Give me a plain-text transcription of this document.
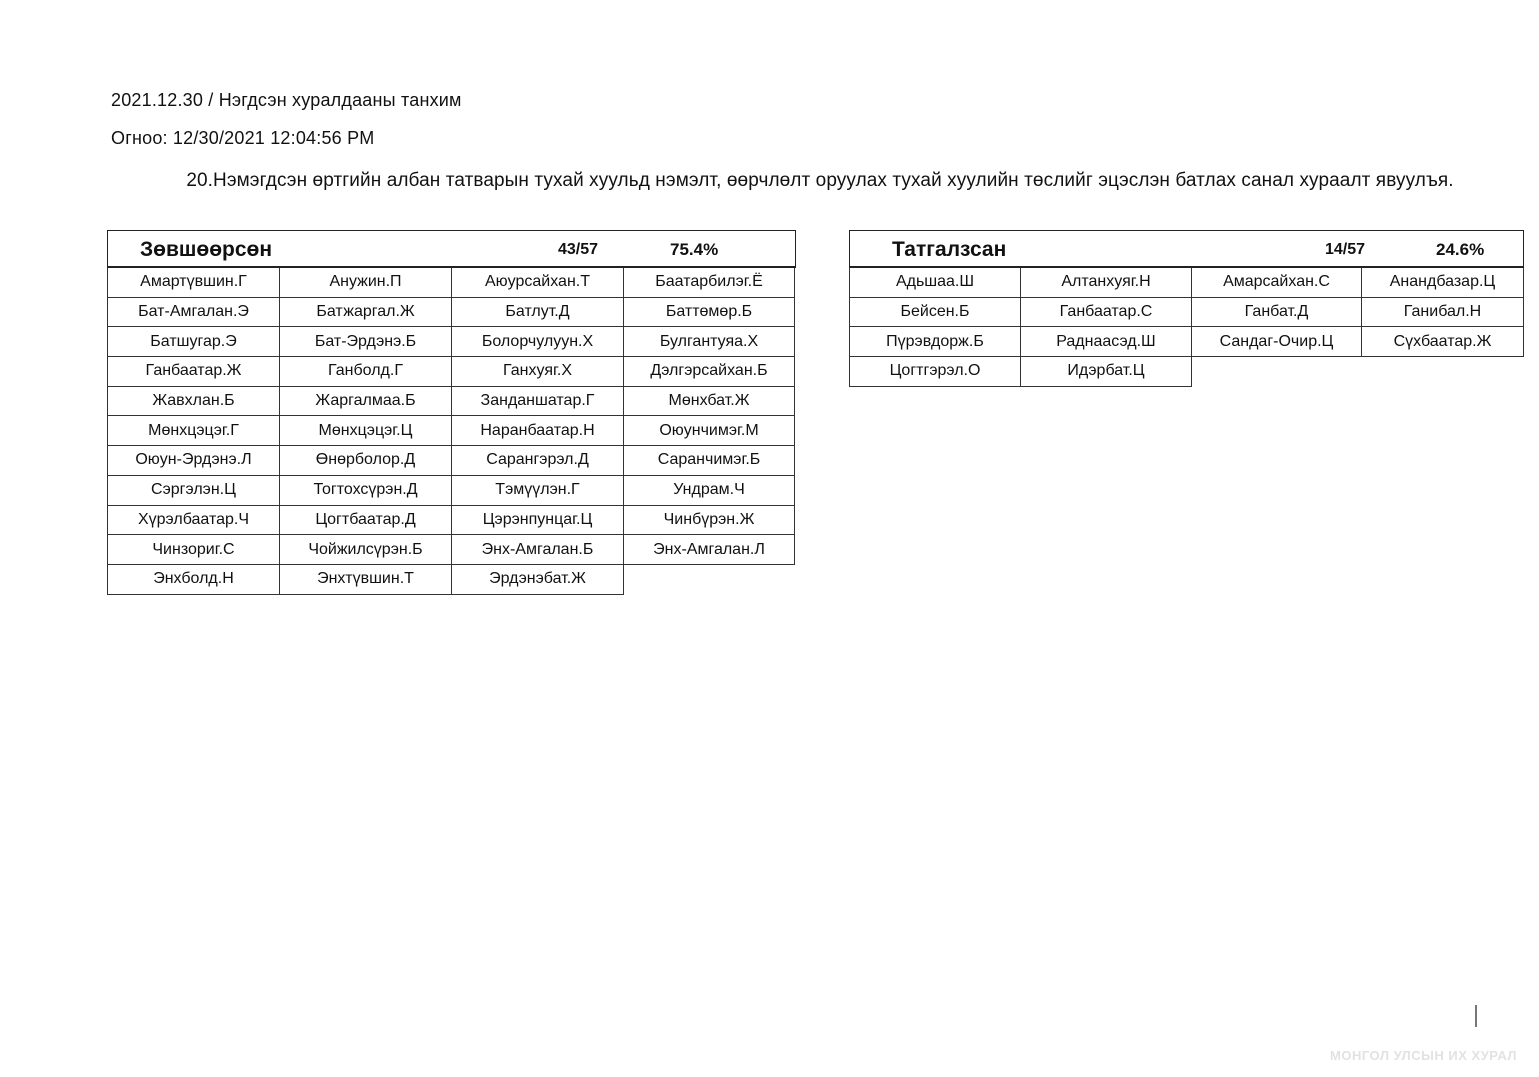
2021.12.30 / Нэгдсэн хуралдааны танхим
Огноо: 12/30/2021 12:04:56 PM
20.Нэмэгдсэн өртгийн албан татварын тухай хуульд нэмэлт, өөрчлөлт оруулах тухай хуулийн төслийг эцэслэн батлах санал хураалт явуулъя.
Зөвшөөрсөн	43/57	75.4%
Амартүвшин.Г	Анужин.П	Аюурсайхан.Т	Баатарбилэг.Ё
Бат-Амгалан.Э	Батжаргал.Ж	Батлут.Д	Баттөмөр.Б
Батшугар.Э	Бат-Эрдэнэ.Б	Болорчулуун.Х	Булгантуяа.Х
Ганбаатар.Ж	Ганболд.Г	Ганхуяг.Х	Дэлгэрсайхан.Б
Жавхлан.Б	Жаргалмаа.Б	Занданшатар.Г	Мөнхбат.Ж
Мөнхцэцэг.Г	Мөнхцэцэг.Ц	Наранбаатар.Н	Оюунчимэг.М
Оюун-Эрдэнэ.Л	Өнөрболор.Д	Сарангэрэл.Д	Саранчимэг.Б
Сэргэлэн.Ц	Тогтохсүрэн.Д	Тэмүүлэн.Г	Ундрам.Ч
Хүрэлбаатар.Ч	Цогтбаатар.Д	Цэрэнпунцаг.Ц	Чинбүрэн.Ж
Чинзориг.С	Чойжилсүрэн.Б	Энх-Амгалан.Б	Энх-Амгалан.Л
Энхболд.Н	Энхтүвшин.Т	Эрдэнэбат.Ж
Татгалзсан	14/57	24.6%
Адьшаа.Ш	Алтанхуяг.Н	Амарсайхан.С	Анандбазар.Ц
Бейсен.Б	Ганбаатар.С	Ганбат.Д	Ганибал.Н
Пүрэвдорж.Б	Раднаасэд.Ш	Сандаг-Очир.Ц	Сүхбаатар.Ж
Цогтгэрэл.О	Идэрбат.Ц
МОНГОЛ УЛСЫН ИХ ХУРАЛ
